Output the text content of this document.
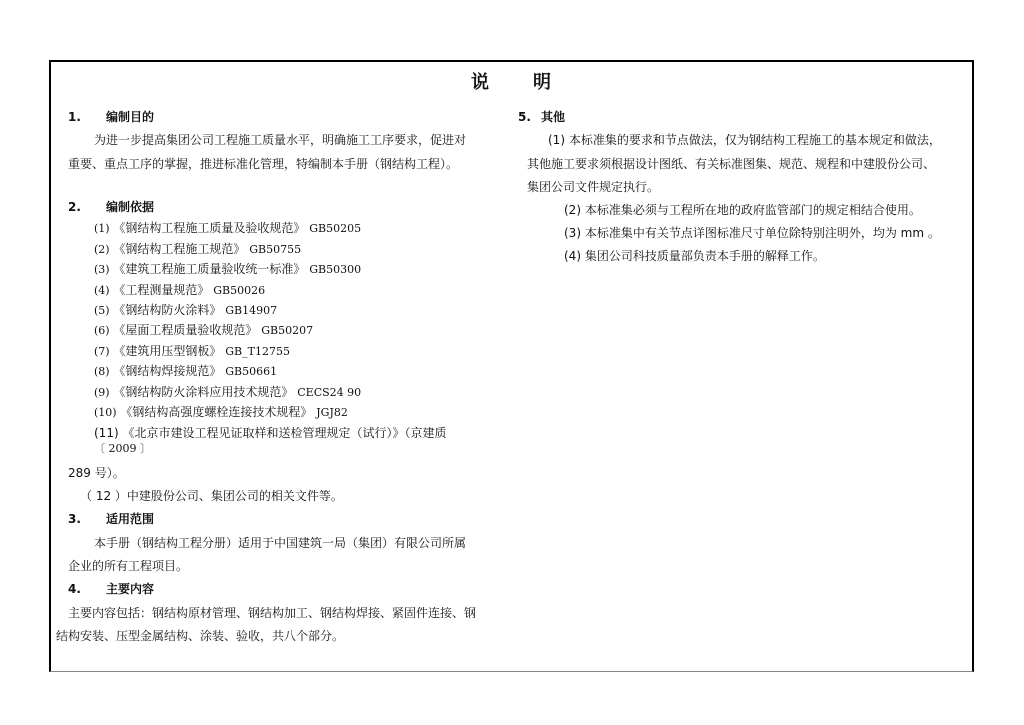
说 明
1. 编制目的
为进一步提高集团公司工程施工质量水平，明确施工工序要求，促进对
重要、重点工序的掌握，推进标准化管理，特编制本手册（钢结构工程）。
2. 编制依据
(1) 《钢结构工程施工质量及验收规范》 GB50205
(2) 《钢结构工程施工规范》 GB50755
(3) 《建筑工程施工质量验收统一标准》 GB50300
(4) 《工程测量规范》 GB50026
(5) 《钢结构防火涂料》 GB14907
(6) 《屋面工程质量验收规范》 GB50207
(7) 《建筑用压型钢板》 GB_T12755
(8) 《钢结构焊接规范》 GB50661
(9) 《钢结构防火涂料应用技术规范》 CECS24 90
(10) 《钢结构高强度螺栓连接技术规程》 JGJ82
(11) 《北京市建设工程见证取样和送检管理规定（试行）》（京建质
〔 2009 〕
289 号）。
（ 12 ）中建股份公司、集团公司的相关文件等。
3. 适用范围
本手册（钢结构工程分册）适用于中国建筑一局（集团）有限公司所属
企业的所有工程项目。
4. 主要内容
主要内容包括：钢结构原材管理、钢结构加工、钢结构焊接、紧固件连接、钢
结构安装、压型金属结构、涂装、验收，共八个部分。
5. 其他
(1) 本标准集的要求和节点做法，仅为钢结构工程施工的基本规定和做法，
其他施工要求须根据设计图纸、有关标准图集、规范、规程和中建股份公司、
集团公司文件规定执行。
(2) 本标准集必须与工程所在地的政府监管部门的规定相结合使用。
(3) 本标准集中有关节点详图标准尺寸单位除特别注明外，均为 mm 。
(4) 集团公司科技质量部负责本手册的解释工作。
